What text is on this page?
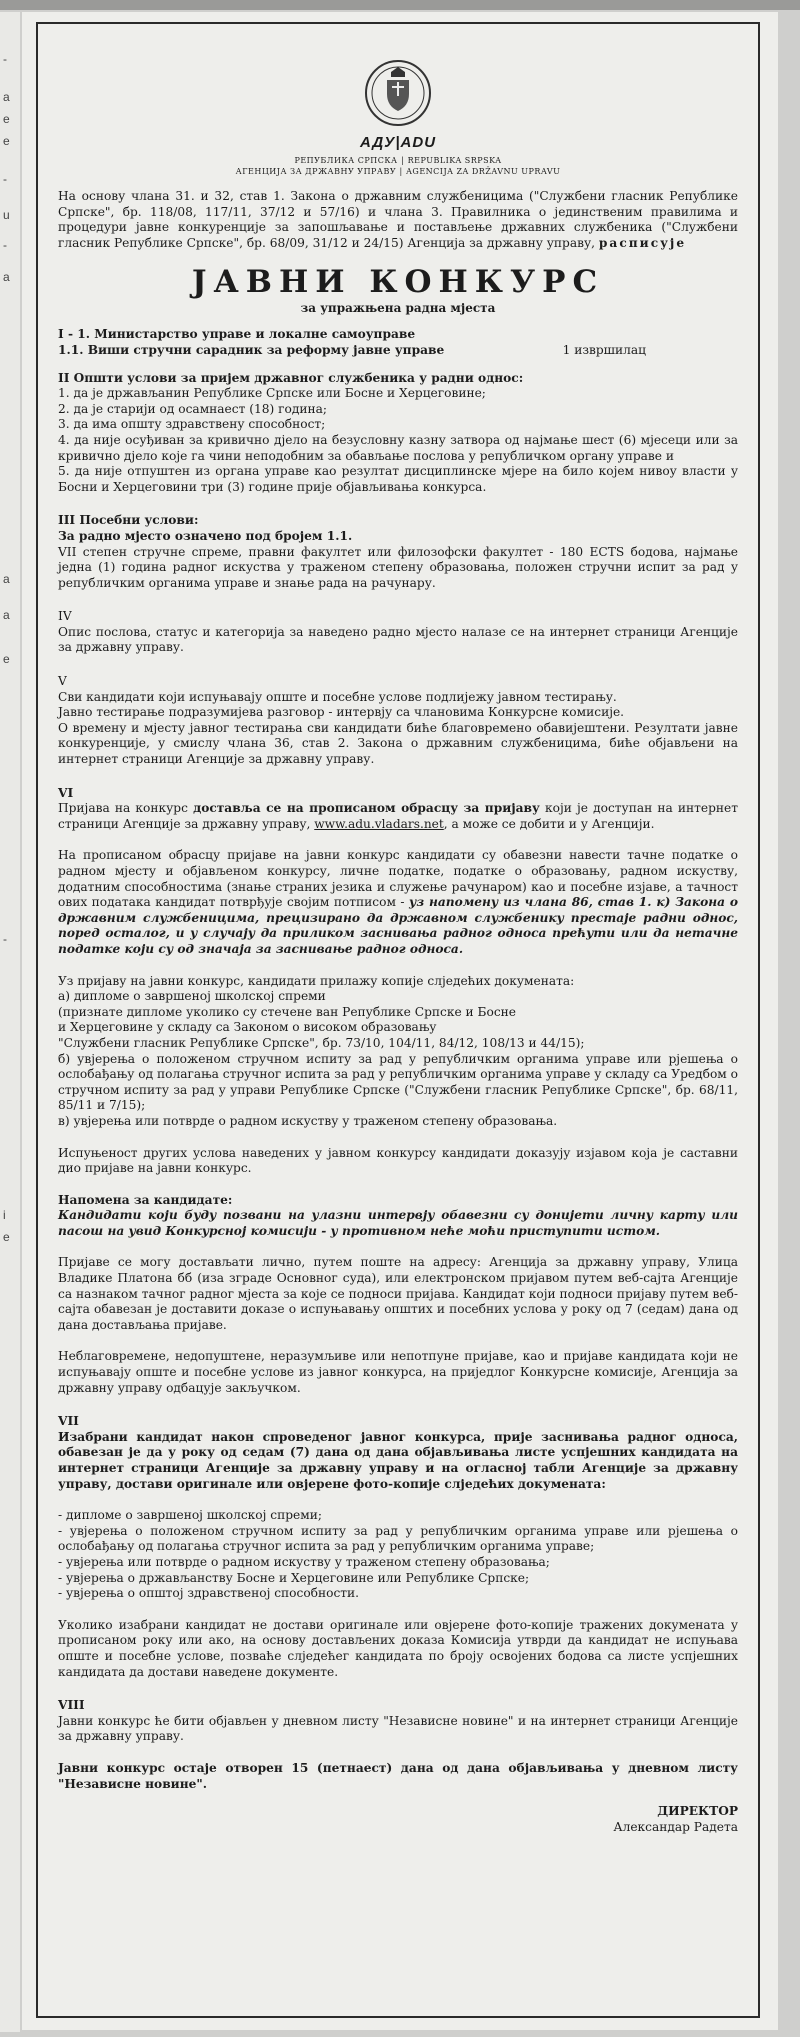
-
a
e
e
-
u
-
a
a
a
e
-
i
e
АДУ|ADU
РЕПУБЛИКА СРПСКА | REPUBLIKA SRPSKA
АГЕНЦИЈА ЗА ДРЖАВНУ УПРАВУ | AGENCIJA ZA DRŽAVNU UPRAVU

На основу члана 31. и 32, став 1. Закона о државним службеницима ("Службени гласник Републике Српске", бр. 118/08, 117/11, 37/12 и 57/16) и члана 3. Правилника о јединственим правилима и процедури јавне конкуренције за запошљавање и постављење државних службеника ("Службени гласник Републике Српске", бр. 68/09, 31/12 и 24/15) Агенција за државну управу, расписује

ЈАВНИ КОНКУРС
за упражњена радна мјеста

I - 1. Министарство управе и локалне самоуправе

1.1. Виши стручни сарадник за реформу јавне управе	1 извршилац

II Општи услови за пријем државног службеника у радни однос:

1. да је држављанин Републике Српске или Босне и Херцеговине;

2. да је старији од осамнаест (18) година;

3. да има општу здравствену способност;

4. да није осуђиван за кривично дјело на безусловну казну затвора од најмање шест (6) мјесеци или за кривично дјело које га чини неподобним за обављање послова у републичком органу управе и

5. да није отпуштен из органа управе као резултат дисциплинске мјере на било којем нивоу власти у Босни и Херцеговини три (3) године прије објављивања конкурса.

III Посебни услови:

За радно мјесто означено под бројем 1.1.

VII степен стручне спреме, правни факултет или филозофски факултет - 180 ECTS бодова, најмање једна (1) година радног искуства у траженом степену образовања, положен стручни испит за рад у републичким органима управе и знање рада на рачунару.

IV

Опис послова, статус и категорија за наведено радно мјесто налазе се на интернет страници Агенције за државну управу.

V

Сви кандидати који испуњавају опште и посебне услове подлијежу јавном тестирању.

Јавно тестирање подразумијева разговор - интервју са члановима Конкурсне комисије.

О времену и мјесту јавног тестирања сви кандидати биће благовремено обавијештени. Резултати јавне конкуренције, у смислу члана 36, став 2. Закона о државним службеницима, биће објављени на интернет страници Агенције за државну управу.

VI

Пријава на конкурс доставља се на прописаном обрасцу за пријаву који је доступан на интернет страници Агенције за државну управу, www.adu.vladars.net, а може се добити и у Агенцији.

На прописаном обрасцу пријаве на јавни конкурс кандидати су обавезни навести тачне податке о радном мјесту и објављеном конкурсу, личне податке, податке о образовању, радном искуству, додатним способностима (знање страних језика и служење рачунаром) као и посебне изјаве, а тачност ових података кандидат потврђује својим потписом - уз напомену из члана 86, став 1. к) Закона о државним службеницима, прецизирано да државном службенику престаје радни однос, поред осталог, и у случају да приликом заснивања радног односа прећути или да нетачне податке који су од значаја за заснивање радног односа.

Уз пријаву на јавни конкурс, кандидати прилажу копије слједећих докумената:

а) дипломе о завршеној школској спреми

(признате дипломе уколико су стечене ван Републике Српске и Босне

и Херцеговине у складу са Законом о високом образовању

"Службени гласник Републике Српске", бр. 73/10, 104/11, 84/12, 108/13 и 44/15);

б) увјерења о положеном стручном испиту за рад у републичким органима управе или рјешења о ослобађању од полагања стручног испита за рад у републичким органима управе у складу са Уредбом о стручном испиту за рад у управи Републике Српске ("Службени гласник Републике Српске", бр. 68/11, 85/11 и 7/15);

в) увјерења или потврде о радном искуству у траженом степену образовања.

Испуњеност других услова наведених у јавном конкурсу кандидати доказују изјавом која је саставни дио пријаве на јавни конкурс.

Напомена за кандидате:

Кандидати који буду позвани на улазни интервју обавезни су донијети личну карту или пасош на увид Конкурсној комисији - у противном неће моћи приступити истом.

Пријаве се могу достављати лично, путем поште на адресу: Агенција за државну управу, Улица Владике Платона бб (иза зграде Основног суда), или електронском пријавом путем веб-сајта Агенције са назнаком тачног радног мјеста за које се подноси пријава. Кандидат који подноси пријаву путем веб-сајта обавезан је доставити доказе о испуњавању општих и посебних услова у року од 7 (седам) дана од дана достављања пријаве.

Неблаговремене, недопуштене, неразумљиве или непотпуне пријаве, као и пријаве кандидата који не испуњавају опште и посебне услове из јавног конкурса, на приједлог Конкурсне комисије, Агенција за државну управу одбацује закључком.

VII

Изабрани кандидат након спроведеног јавног конкурса, прије заснивања радног односа, обавезан је да у року од седам (7) дана од дана објављивања листе успјешних кандидата на интернет страници Агенције за државну управу и на огласној табли Агенције за државну управу, достави оригинале или овјерене фото-копије слједећих докумената:

- дипломе о завршеној школској спреми;

- увјерења о положеном стручном испиту за рад у републичким органима управе или рјешења о ослобађању од полагања стручног испита за рад у републичким органима управе;

- увјерења или потврде о радном искуству у траженом степену образовања;

- увјерења о држављанству Босне и Херцеговине или Републике Српске;

- увјерења о општој здравственој способности.

Уколико изабрани кандидат не достави оригинале или овјерене фото-копије тражених докумената у прописаном року или ако, на основу достављених доказа Комисија утврди да кандидат не испуњава опште и посебне услове, позваће слједећег кандидата по броју освојених бодова са листе успјешних кандидата да достави наведене документе.

VIII

Јавни конкурс ће бити објављен у дневном листу "Независне новине" и на интернет страници Агенције за државну управу.

Јавни конкурс остаје отворен 15 (петнаест) дана од дана објављивања у дневном листу "Независне новине".

ДИРЕКТОР
Александар Радета
